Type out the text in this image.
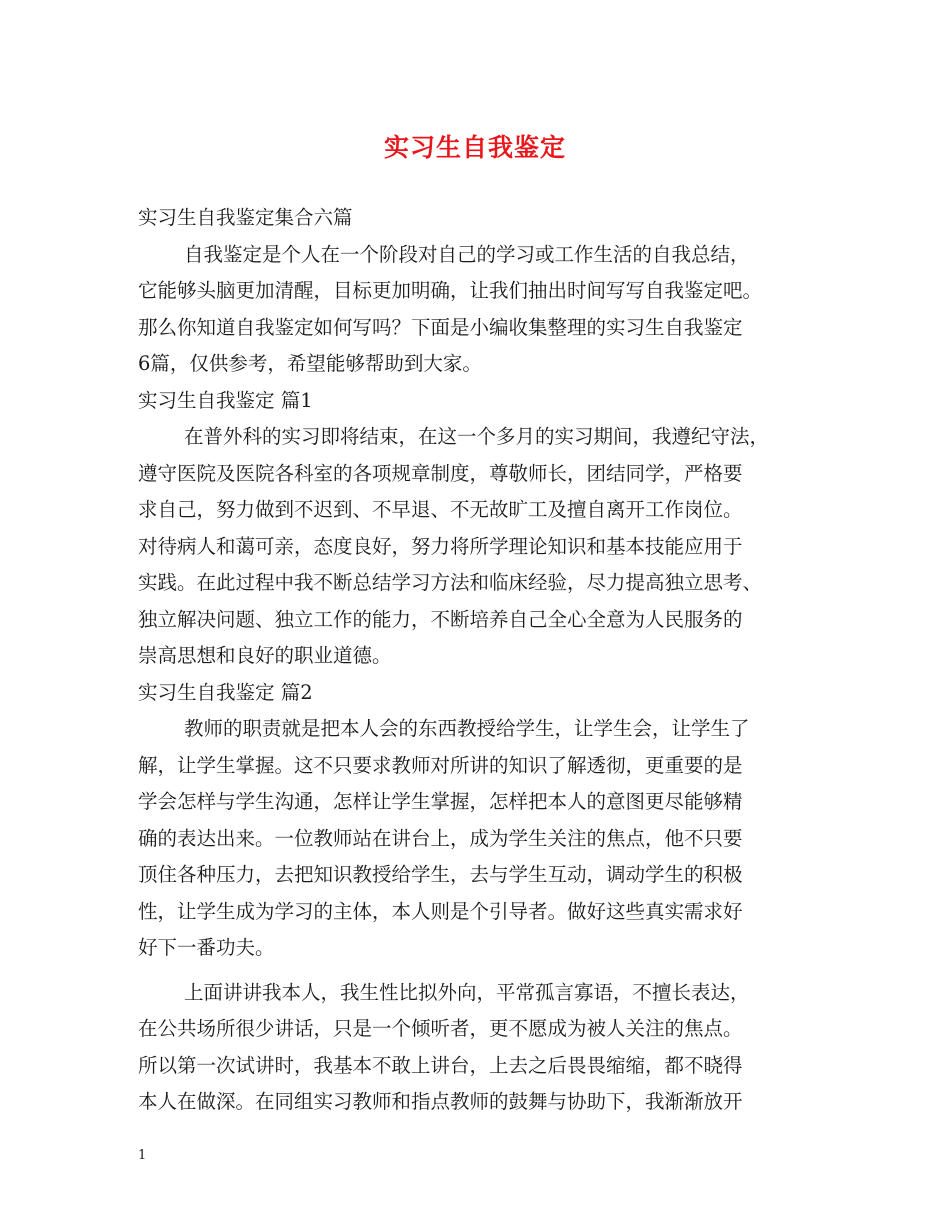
实习生自我鉴定
实习生自我鉴定集合六篇
自我鉴定是个人在一个阶段对自己的学习或工作生活的自我总结，
它能够头脑更加清醒，目标更加明确，让我们抽出时间写写自我鉴定吧。
那么你知道自我鉴定如何写吗？下面是小编收集整理的实习生自我鉴定
6篇，仅供参考，希望能够帮助到大家。
实习生自我鉴定 篇1
在普外科的实习即将结束，在这一个多月的实习期间，我遵纪守法，
遵守医院及医院各科室的各项规章制度，尊敬师长，团结同学，严格要
求自己，努力做到不迟到、不早退、不无故旷工及擅自离开工作岗位。
对待病人和蔼可亲，态度良好，努力将所学理论知识和基本技能应用于
实践。在此过程中我不断总结学习方法和临床经验，尽力提高独立思考、
独立解决问题、独立工作的能力，不断培养自己全心全意为人民服务的
崇高思想和良好的职业道德。
实习生自我鉴定 篇2
教师的职责就是把本人会的东西教授给学生，让学生会，让学生了
解，让学生掌握。这不只要求教师对所讲的知识了解透彻，更重要的是
学会怎样与学生沟通，怎样让学生掌握，怎样把本人的意图更尽能够精
确的表达出来。一位教师站在讲台上，成为学生关注的焦点，他不只要
顶住各种压力，去把知识教授给学生，去与学生互动，调动学生的积极
性，让学生成为学习的主体，本人则是个引导者。做好这些真实需求好
好下一番功夫。
上面讲讲我本人，我生性比拟外向，平常孤言寡语，不擅长表达，
在公共场所很少讲话，只是一个倾听者，更不愿成为被人关注的焦点。
所以第一次试讲时，我基本不敢上讲台，上去之后畏畏缩缩，都不晓得
本人在做深。在同组实习教师和指点教师的鼓舞与协助下，我渐渐放开
1
